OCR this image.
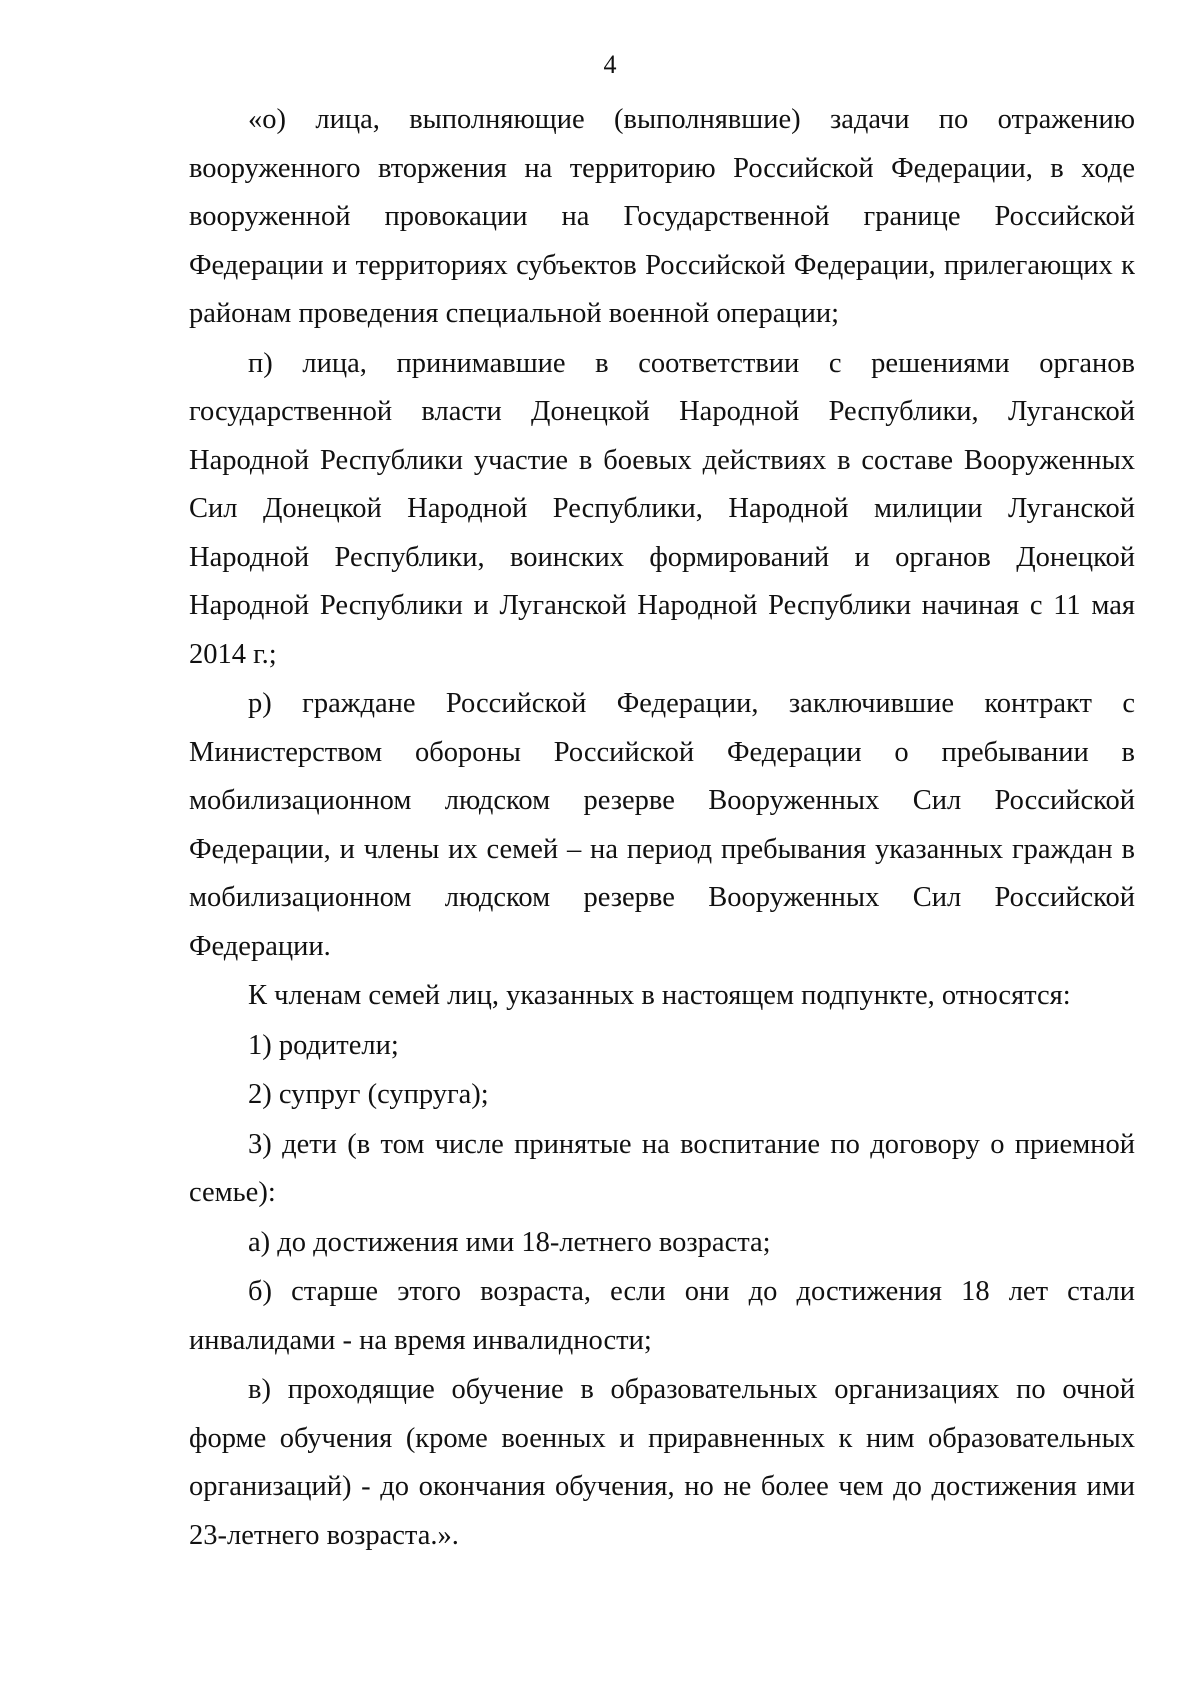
4

«о) лица, выполняющие (выполнявшие) задачи по отражению вооруженного вторжения на территорию Российской Федерации, в ходе вооруженной провокации на Государственной границе Российской Федерации и территориях субъектов Российской Федерации, прилегающих к районам проведения специальной военной операции;

п) лица, принимавшие в соответствии с решениями органов государственной власти Донецкой Народной Республики, Луганской Народной Республики участие в боевых действиях в составе Вооруженных Сил Донецкой Народной Республики, Народной милиции Луганской Народной Республики, воинских формирований и органов Донецкой Народной Республики и Луганской Народной Республики начиная с 11 мая 2014 г.;

р) граждане Российской Федерации, заключившие контракт с Министерством обороны Российской Федерации о пребывании в мобилизационном людском резерве Вооруженных Сил Российской Федерации, и члены их семей – на период пребывания указанных граждан в мобилизационном людском резерве Вооруженных Сил Российской Федерации.

К членам семей лиц, указанных в настоящем подпункте, относятся:

1) родители;

2) супруг (супруга);

3) дети (в том числе принятые на воспитание по договору о приемной семье):

а) до достижения ими 18-летнего возраста;

б) старше этого возраста, если они до достижения 18 лет стали инвалидами - на время инвалидности;

в) проходящие обучение в образовательных организациях по очной форме обучения (кроме военных и приравненных к ним образовательных организаций) - до окончания обучения, но не более чем до достижения ими 23-летнего возраста.».
